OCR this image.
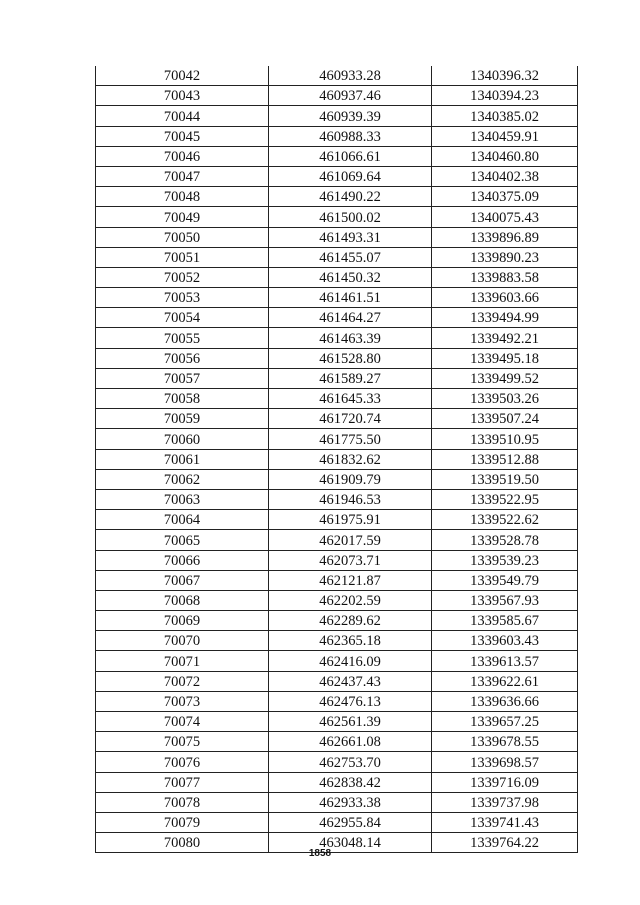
70042	460933.28	1340396.32
70043	460937.46	1340394.23
70044	460939.39	1340385.02
70045	460988.33	1340459.91
70046	461066.61	1340460.80
70047	461069.64	1340402.38
70048	461490.22	1340375.09
70049	461500.02	1340075.43
70050	461493.31	1339896.89
70051	461455.07	1339890.23
70052	461450.32	1339883.58
70053	461461.51	1339603.66
70054	461464.27	1339494.99
70055	461463.39	1339492.21
70056	461528.80	1339495.18
70057	461589.27	1339499.52
70058	461645.33	1339503.26
70059	461720.74	1339507.24
70060	461775.50	1339510.95
70061	461832.62	1339512.88
70062	461909.79	1339519.50
70063	461946.53	1339522.95
70064	461975.91	1339522.62
70065	462017.59	1339528.78
70066	462073.71	1339539.23
70067	462121.87	1339549.79
70068	462202.59	1339567.93
70069	462289.62	1339585.67
70070	462365.18	1339603.43
70071	462416.09	1339613.57
70072	462437.43	1339622.61
70073	462476.13	1339636.66
70074	462561.39	1339657.25
70075	462661.08	1339678.55
70076	462753.70	1339698.57
70077	462838.42	1339716.09
70078	462933.38	1339737.98
70079	462955.84	1339741.43
70080	463048.14	1339764.22
1858
